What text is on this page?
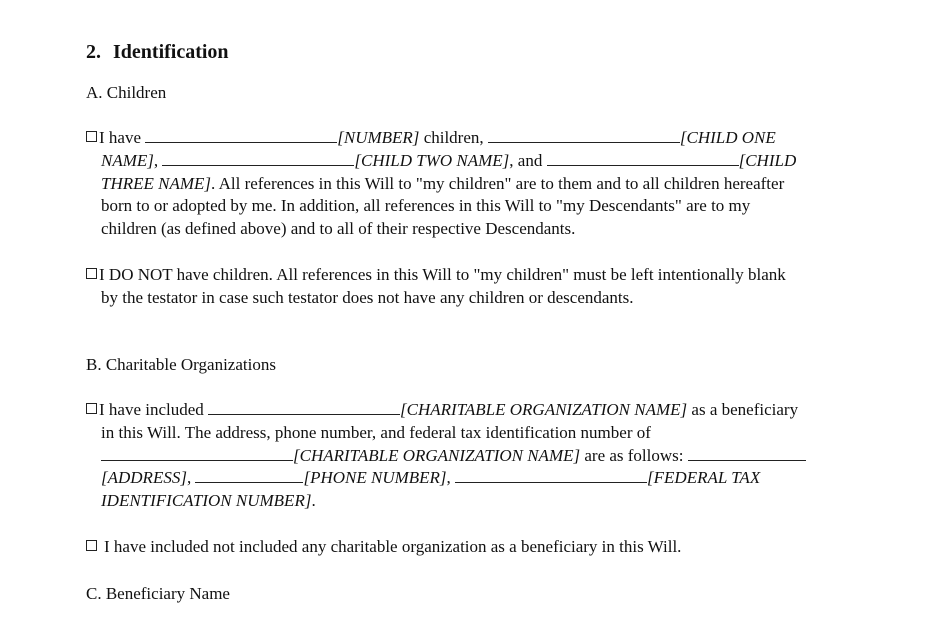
2. Identification
A. Children
I have	[NUMBER] children,	[CHILD ONE
NAME],	[CHILD TWO NAME], and	[CHILD
THREE NAME]. All references in this Will to "my children" are to them and to all children hereafter
born to or adopted by me. In addition, all references in this Will to "my Descendants" are to my
children (as defined above) and to all of their respective Descendants.
I DO NOT have children. All references in this Will to "my children" must be left intentionally blank
by the testator in case such testator does not have any children or descendants.
B. Charitable Organizations
I have included	[CHARITABLE ORGANIZATION NAME] as a beneficiary
in this Will. The address, phone number, and federal tax identification number of
[CHARITABLE ORGANIZATION NAME] are as follows:
[ADDRESS],	[PHONE NUMBER],	[FEDERAL TAX
IDENTIFICATION NUMBER].
I have included not included any charitable organization as a beneficiary in this Will.
C. Beneficiary Name
